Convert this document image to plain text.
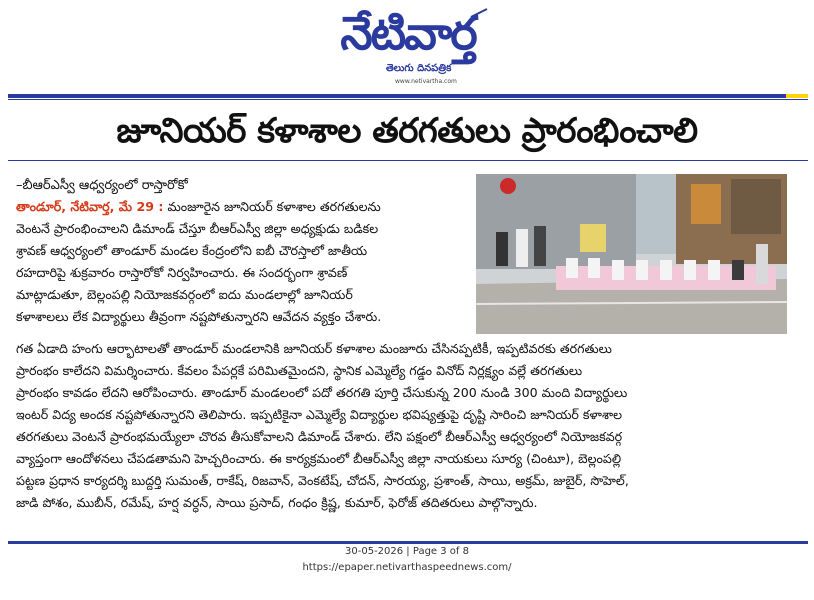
నేటివార్త
తెలుగు దినపత్రిక
www.netivartha.com
జూనియర్ కళాశాల తరగతులు ప్రారంభించాలి
–బీఆర్ఎస్వీ ఆధ్వర్యంలో రాస్తారోకో
తాండూర్, నేటివార్త, మే 29 : మంజూరైన జూనియర్ కళాశాల తరగతులను
వెంటనే ప్రారంభించాలని డిమాండ్ చేస్తూ బీఆర్ఎస్వీ జిల్లా అధ్యక్షుడు బడికల
శ్రావణ్ ఆధ్వర్యంలో తాండూర్ మండల కేంద్రంలోని ఐబీ చౌరస్తాలో జాతీయ
రహదారిపై శుక్రవారం రాస్తారోకో నిర్వహించారు. ఈ సందర్భంగా శ్రావణ్
మాట్లాడుతూ, బెల్లంపల్లి నియోజకవర్గంలో ఐదు మండలాల్లో జూనియర్
కళాశాలలు లేక విద్యార్థులు తీవ్రంగా నష్టపోతున్నారని ఆవేదన వ్యక్తం చేశారు.
గత ఏడాది హంగు ఆర్భాటాలతో తాండూర్ మండలానికి జూనియర్ కళాశాల మంజూరు చేసినప్పటికీ, ఇప్పటివరకు తరగతులు
ప్రారంభం కాలేదని విమర్శించారు. కేవలం పేపర్లకే పరిమితమైందని, స్థానిక ఎమ్మెల్యే గడ్డం వినోద్ నిర్లక్ష్యం వల్లే తరగతులు
ప్రారంభం కావడం లేదని ఆరోపించారు. తాండూర్ మండలంలో పదో తరగతి పూర్తి చేసుకున్న 200 నుండి 300 మంది విద్యార్థులు
ఇంటర్ విద్య అందక నష్టపోతున్నారని తెలిపారు. ఇప్పటికైనా ఎమ్మెల్యే విద్యార్థుల భవిష్యత్తుపై దృష్టి సారించి జూనియర్ కళాశాల
తరగతులు వెంటనే ప్రారంభమయ్యేలా చొరవ తీసుకోవాలని డిమాండ్ చేశారు. లేని పక్షంలో బీఆర్ఎస్వీ ఆధ్వర్యంలో నియోజకవర్గ
వ్యాప్తంగా ఆందోళనలు చేపడతామని హెచ్చరించారు. ఈ కార్యక్రమంలో బీఆర్ఎస్వీ జిల్లా నాయకులు సూర్య (చింటూ), బెల్లంపల్లి
పట్టణ ప్రధాన కార్యదర్శి బుద్దర్తి సుమంత్, రాకేష్, రిజవాన్, వెంకటేష్, చోదన్, సారయ్య, ప్రశాంత్, సాయి, అక్రమ్, జుబైర్, సొహెల్,
జాడి పోశం, ముబీన్, రమేష్, హర్ష వర్ధన్, సాయి ప్రసాద్, గంధం క్రిష్ణ, కుమార్, ఫెరోజ్ తదితరులు పాల్గొన్నారు.
30-05-2026 | Page 3 of 8
https://epaper.netivarthaspeednews.com/
